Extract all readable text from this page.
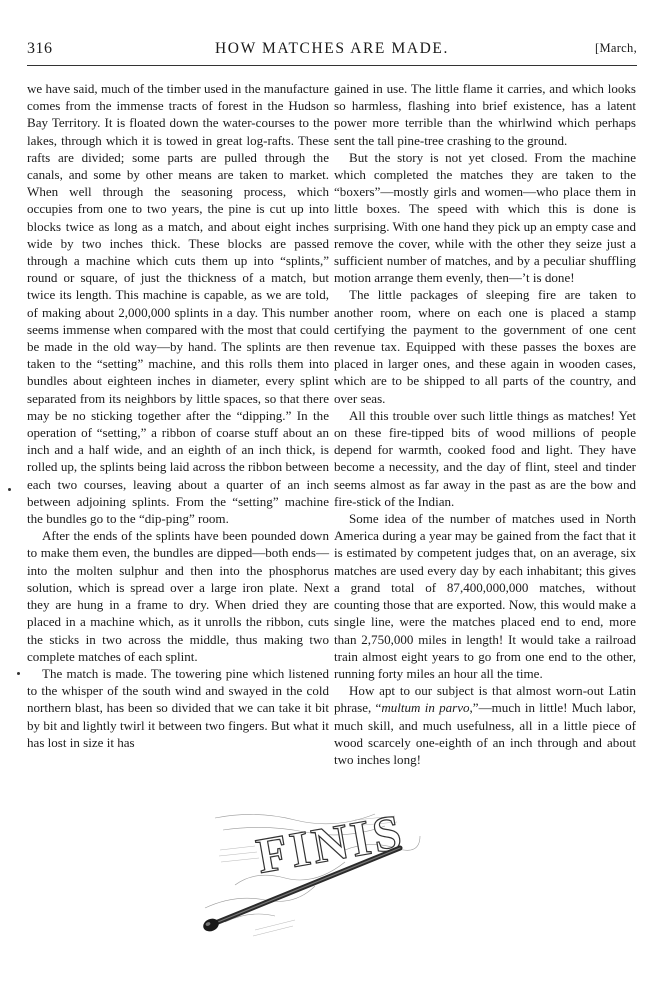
316	HOW MATCHES ARE MADE.	[March,

we have said, much of the timber used in the manufacture comes from the immense tracts of forest in the Hudson Bay Territory. It is floated down the water-courses to the lakes, through which it is towed in great log-rafts. These rafts are divided; some parts are pulled through the canals, and some by other means are taken to market. When well through the seasoning process, which occupies from one to two years, the pine is cut up into blocks twice as long as a match, and about eight inches wide by two inches thick. These blocks are passed through a machine which cuts them up into “splints,” round or square, of just the thickness of a match, but twice its length. This machine is capable, as we are told, of making about 2,000,000 splints in a day. This number seems immense when compared with the most that could be made in the old way—by hand. The splints are then taken to the “setting” machine, and this rolls them into bundles about eighteen inches in diameter, every splint separated from its neighbors by little spaces, so that there may be no sticking together after the “dipping.” In the operation of “setting,” a ribbon of coarse stuff about an inch and a half wide, and an eighth of an inch thick, is rolled up, the splints being laid across the ribbon between each two courses, leaving about a quarter of an inch between adjoining splints. From the “setting” machine the bundles go to the “dip-ping” room.

After the ends of the splints have been pounded down to make them even, the bundles are dipped—both ends—into the molten sulphur and then into the phosphorus solution, which is spread over a large iron plate. Next they are hung in a frame to dry. When dried they are placed in a machine which, as it unrolls the ribbon, cuts the sticks in two across the middle, thus making two complete matches of each splint.

The match is made. The towering pine which listened to the whisper of the south wind and swayed in the cold northern blast, has been so divided that we can take it bit by bit and lightly twirl it between two fingers. But what it has lost in size it has

gained in use. The little flame it carries, and which looks so harmless, flashing into brief existence, has a latent power more terrible than the whirlwind which perhaps sent the tall pine-tree crashing to the ground.

But the story is not yet closed. From the machine which completed the matches they are taken to the “boxers”—mostly girls and women—who place them in little boxes. The speed with which this is done is surprising. With one hand they pick up an empty case and remove the cover, while with the other they seize just a sufficient number of matches, and by a peculiar shuffling motion arrange them evenly, then—’t is done!

The little packages of sleeping fire are taken to another room, where on each one is placed a stamp certifying the payment to the government of one cent revenue tax. Equipped with these passes the boxes are placed in larger ones, and these again in wooden cases, which are to be shipped to all parts of the country, and over seas.

All this trouble over such little things as matches! Yet on these fire-tipped bits of wood millions of people depend for warmth, cooked food and light. They have become a necessity, and the day of flint, steel and tinder seems almost as far away in the past as are the bow and fire-stick of the Indian.

Some idea of the number of matches used in North America during a year may be gained from the fact that it is estimated by competent judges that, on an average, six matches are used every day by each inhabitant; this gives a grand total of 87,400,000,000 matches, without counting those that are exported. Now, this would make a single line, were the matches placed end to end, more than 2,750,000 miles in length! It would take a railroad train almost eight years to go from one end to the other, running forty miles an hour all the time.

How apt to our subject is that almost worn-out Latin phrase, “multum in parvo,”—much in little! Much labor, much skill, and much usefulness, all in a little piece of wood scarcely one-eighth of an inch through and about two inches long!

FINIS
